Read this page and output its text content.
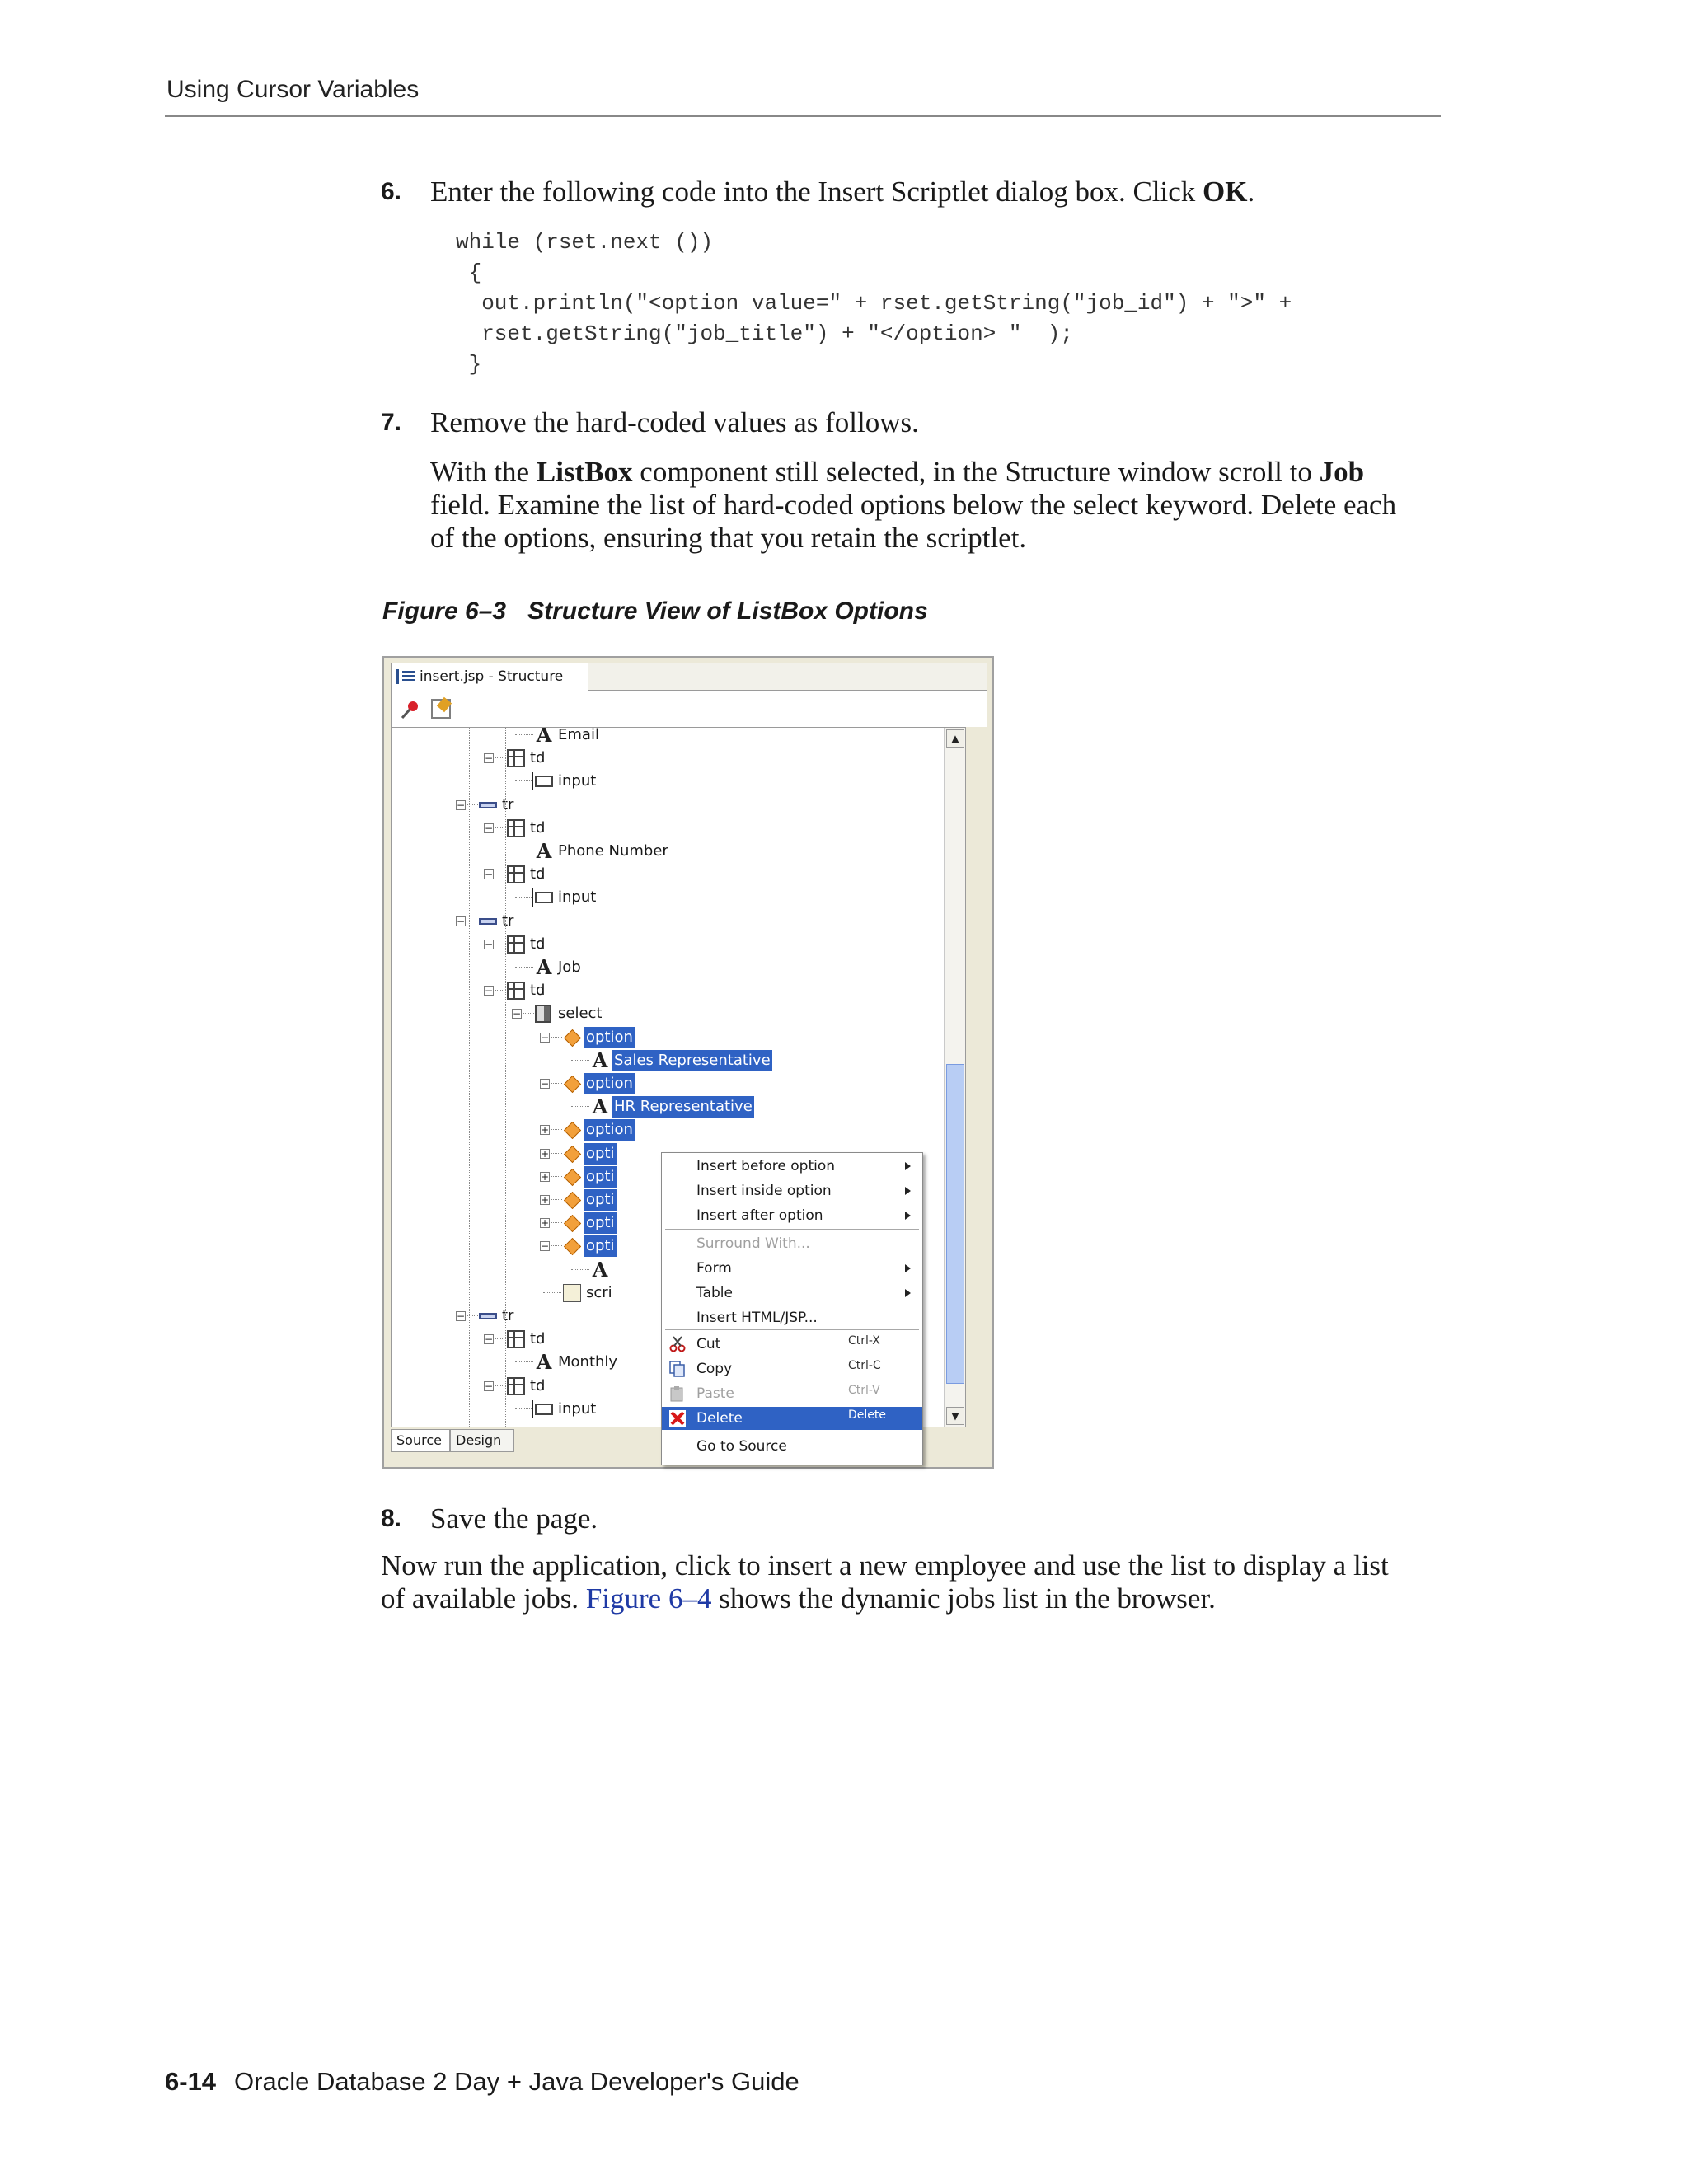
Using Cursor Variables
6. Enter the following code into the Insert Scriptlet dialog box. Click OK.
while (rset.next ())
{
out.println("<option value=" + rset.getString("job_id") + ">" +
rset.getString("job_title") + "</option> "  );
}
7. Remove the hard-coded values as follows.
With the ListBox component still selected, in the Structure window scroll to Job field. Examine the list of hard-coded options below the select keyword. Delete each of the options, ensuring that you retain the scriptlet.
Figure 6–3 Structure View of ListBox Options
insert.jsp - Structure
A Email
− td
input
− tr
− td
A Phone Number
− td
input
− tr
− td
A Job
− td
− select
− option
A Sales Representative
− option
A HR Representative
+ option
+ opti
+ opti
+ opti
+ opti
− opti
A
scri
− tr
− td
A Monthly
− td
input
▲
▼
Source	Design
Insert before option
Insert inside option
Insert after option
Surround With...
Form
Table
Insert HTML/JSP...
Cut	Ctrl-X
Copy	Ctrl-C
Paste	Ctrl-V
Delete	Delete
Go to Source
8. Save the page.
Now run the application, click to insert a new employee and use the list to display a list of available jobs. Figure 6–4 shows the dynamic jobs list in the browser.
6-14 Oracle Database 2 Day + Java Developer's Guide
